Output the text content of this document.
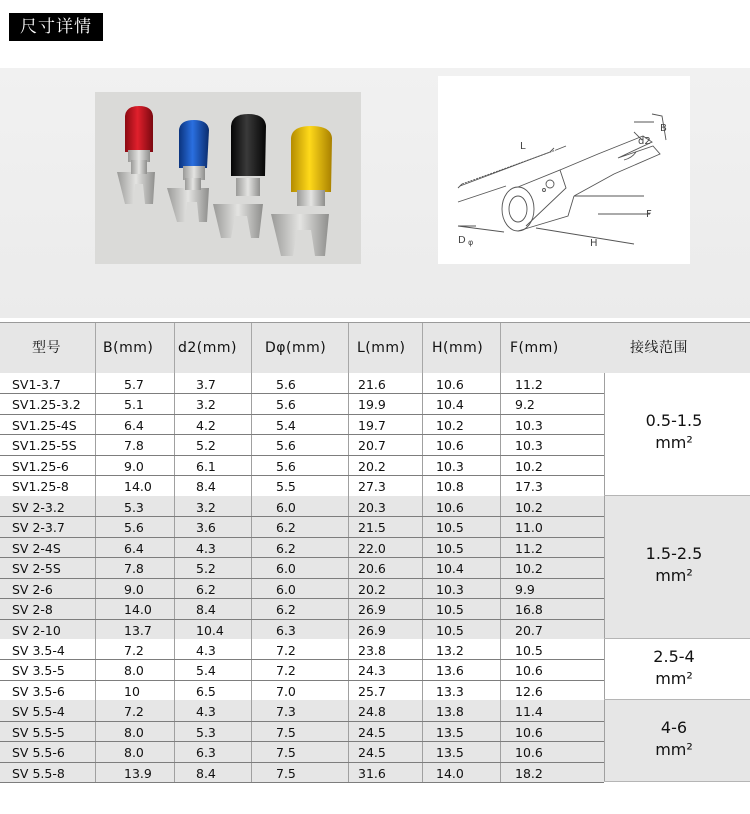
尺寸详情
L
B
d2
F
H
D φ
型号	B(mm) d2(mm) Dφ(mm) L(mm) H(mm) F(mm)	接线范围
SV1-3.7	5.7	3.7	5.6	21.6	10.6	11.2
SV1.25-3.2	5.1	3.2	5.6	19.9	10.4	9.2
SV1.25-4S	6.4	4.2	5.4	19.7	10.2	10.3
SV1.25-5S	7.8	5.2	5.6	20.7	10.6	10.3
SV1.25-6	9.0	6.1	5.6	20.2	10.3	10.2
SV1.25-8	14.0	8.4	5.5	27.3	10.8	17.3
0.5-1.5
mm²
SV 2-3.2	5.3	3.2	6.0	20.3	10.6	10.2
SV 2-3.7	5.6	3.6	6.2	21.5	10.5	11.0
SV 2-4S	6.4	4.3	6.2	22.0	10.5	11.2
SV 2-5S	7.8	5.2	6.0	20.6	10.4	10.2
SV 2-6	9.0	6.2	6.0	20.2	10.3	9.9
SV 2-8	14.0	8.4	6.2	26.9	10.5	16.8
SV 2-10	13.7	10.4	6.3	26.9	10.5	20.7
1.5-2.5
mm²
SV 3.5-4	7.2	4.3	7.2	23.8	13.2	10.5
SV 3.5-5	8.0	5.4	7.2	24.3	13.6	10.6
SV 3.5-6	10	6.5	7.0	25.7	13.3	12.6
2.5-4
mm²
SV 5.5-4	7.2	4.3	7.3	24.8	13.8	11.4
SV 5.5-5	8.0	5.3	7.5	24.5	13.5	10.6
SV 5.5-6	8.0	6.3	7.5	24.5	13.5	10.6
SV 5.5-8	13.9	8.4	7.5	31.6	14.0	18.2
4-6
mm²
